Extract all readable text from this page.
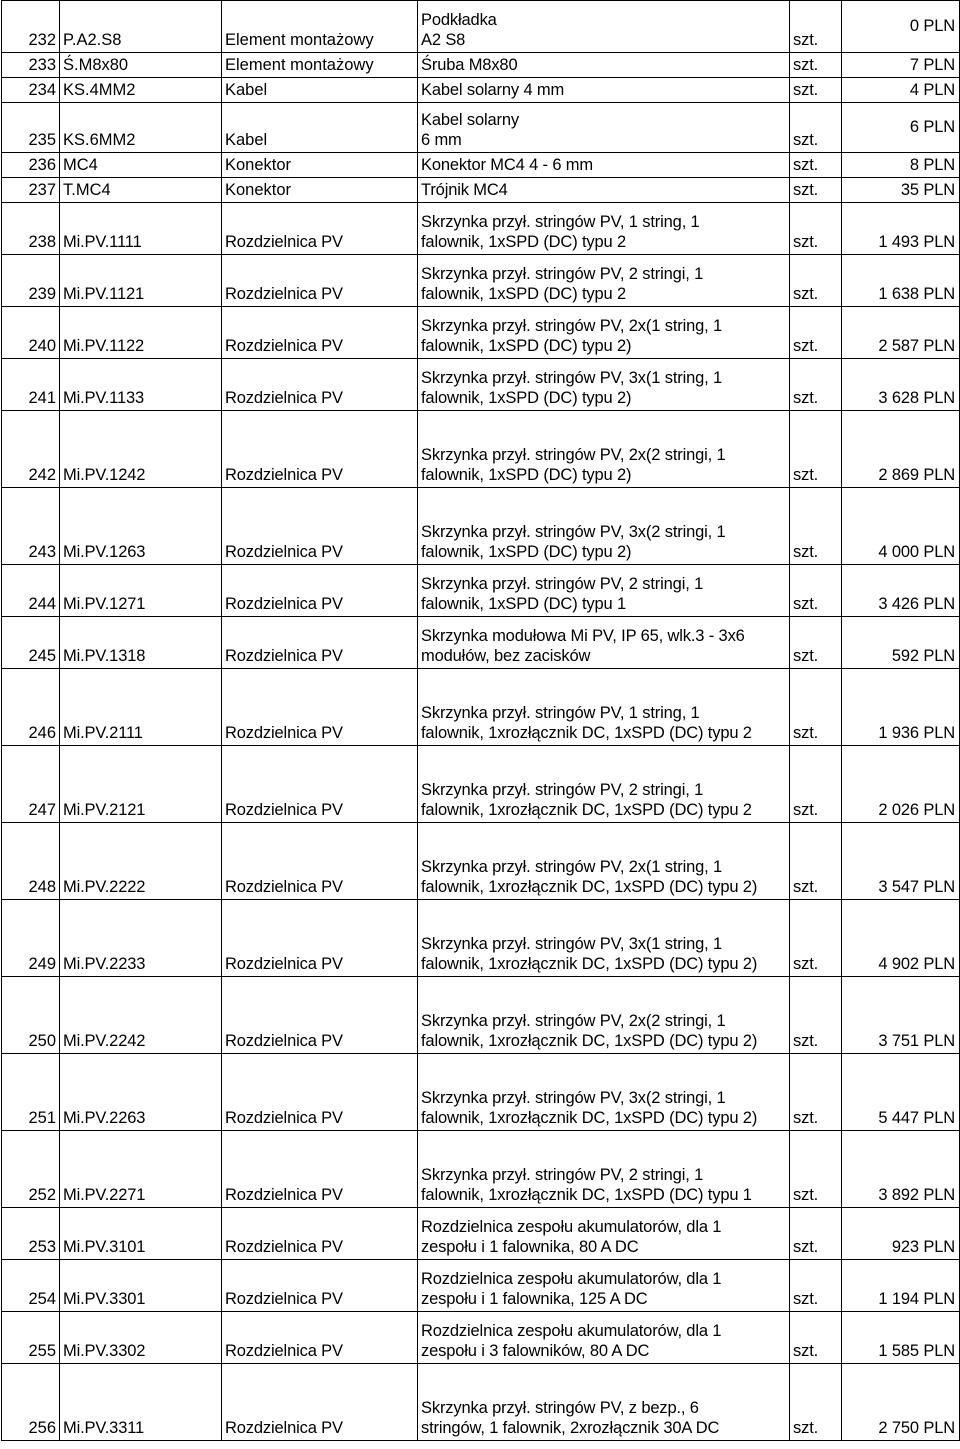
232	P.A2.S8	Element montażowy	Podkładka
A2 S8	szt.	0 PLN
233	Ś.M8x80	Element montażowy	Śruba M8x80	szt.	7 PLN
234	KS.4MM2	Kabel	Kabel solarny 4 mm	szt.	4 PLN
235	KS.6MM2	Kabel	Kabel solarny
6 mm	szt.	6 PLN
236	MC4	Konektor	Konektor MC4 4 - 6 mm	szt.	8 PLN
237	T.MC4	Konektor	Trójnik MC4	szt.	35 PLN
238	Mi.PV.1111	Rozdzielnica PV	Skrzynka przył. stringów PV, 1 string, 1
falownik, 1xSPD (DC) typu 2	szt.	1 493 PLN
239	Mi.PV.1121	Rozdzielnica PV	Skrzynka przył. stringów PV, 2 stringi, 1
falownik, 1xSPD (DC) typu 2	szt.	1 638 PLN
240	Mi.PV.1122	Rozdzielnica PV	Skrzynka przył. stringów PV, 2x(1 string, 1
falownik, 1xSPD (DC) typu 2)	szt.	2 587 PLN
241	Mi.PV.1133	Rozdzielnica PV	Skrzynka przył. stringów PV, 3x(1 string, 1
falownik, 1xSPD (DC) typu 2)	szt.	3 628 PLN
242	Mi.PV.1242	Rozdzielnica PV	Skrzynka przył. stringów PV, 2x(2 stringi, 1
falownik, 1xSPD (DC) typu 2)	szt.	2 869 PLN
243	Mi.PV.1263	Rozdzielnica PV	Skrzynka przył. stringów PV, 3x(2 stringi, 1
falownik, 1xSPD (DC) typu 2)	szt.	4 000 PLN
244	Mi.PV.1271	Rozdzielnica PV	Skrzynka przył. stringów PV, 2 stringi, 1
falownik, 1xSPD (DC) typu 1	szt.	3 426 PLN
245	Mi.PV.1318	Rozdzielnica PV	Skrzynka modułowa Mi PV, IP 65, wlk.3 - 3x6
modułów, bez zacisków	szt.	592 PLN
246	Mi.PV.2111	Rozdzielnica PV	Skrzynka przył. stringów PV, 1 string, 1
falownik, 1xrozłącznik DC, 1xSPD (DC) typu 2	szt.	1 936 PLN
247	Mi.PV.2121	Rozdzielnica PV	Skrzynka przył. stringów PV, 2 stringi, 1
falownik, 1xrozłącznik DC, 1xSPD (DC) typu 2	szt.	2 026 PLN
248	Mi.PV.2222	Rozdzielnica PV	Skrzynka przył. stringów PV, 2x(1 string, 1
falownik, 1xrozłącznik DC, 1xSPD (DC) typu 2)	szt.	3 547 PLN
249	Mi.PV.2233	Rozdzielnica PV	Skrzynka przył. stringów PV, 3x(1 string, 1
falownik, 1xrozłącznik DC, 1xSPD (DC) typu 2)	szt.	4 902 PLN
250	Mi.PV.2242	Rozdzielnica PV	Skrzynka przył. stringów PV, 2x(2 stringi, 1
falownik, 1xrozłącznik DC, 1xSPD (DC) typu 2)	szt.	3 751 PLN
251	Mi.PV.2263	Rozdzielnica PV	Skrzynka przył. stringów PV, 3x(2 stringi, 1
falownik, 1xrozłącznik DC, 1xSPD (DC) typu 2)	szt.	5 447 PLN
252	Mi.PV.2271	Rozdzielnica PV	Skrzynka przył. stringów PV, 2 stringi, 1
falownik, 1xrozłącznik DC, 1xSPD (DC) typu 1	szt.	3 892 PLN
253	Mi.PV.3101	Rozdzielnica PV	Rozdzielnica zespołu akumulatorów, dla 1
zespołu i 1 falownika, 80 A DC	szt.	923 PLN
254	Mi.PV.3301	Rozdzielnica PV	Rozdzielnica zespołu akumulatorów, dla 1
zespołu i 1 falownika, 125 A DC	szt.	1 194 PLN
255	Mi.PV.3302	Rozdzielnica PV	Rozdzielnica zespołu akumulatorów, dla 1
zespołu i 3 falowników, 80 A DC	szt.	1 585 PLN
256	Mi.PV.3311	Rozdzielnica PV	Skrzynka przył. stringów PV, z bezp., 6
stringów, 1 falownik, 2xrozłącznik 30A DC	szt.	2 750 PLN
